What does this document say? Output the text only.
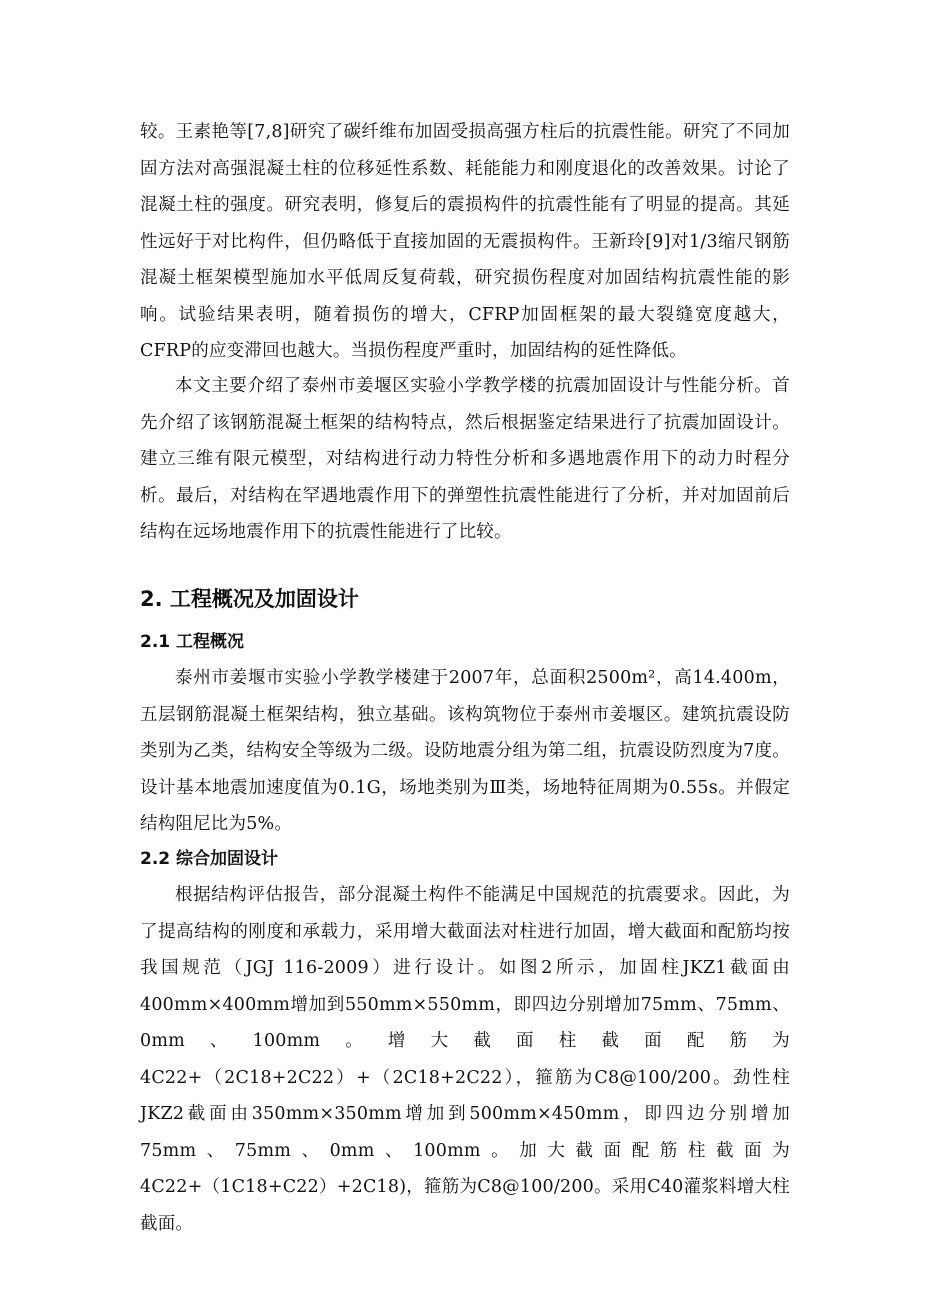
较。王素艳等[7,8]研究了碳纤维布加固受损高强方柱后的抗震性能。研究了不同加固方法对高强混凝土柱的位移延性系数、耗能能力和刚度退化的改善效果。讨论了混凝土柱的强度。研究表明，修复后的震损构件的抗震性能有了明显的提高。其延性远好于对比构件，但仍略低于直接加固的无震损构件。王新玲[9]对1/3缩尺钢筋混凝土框架模型施加水平低周反复荷载，研究损伤程度对加固结构抗震性能的影响。试验结果表明，随着损伤的增大，CFRP加固框架的最大裂缝宽度越大，CFRP的应变滞回也越大。当损伤程度严重时，加固结构的延性降低。

本文主要介绍了泰州市姜堰区实验小学教学楼的抗震加固设计与性能分析。首先介绍了该钢筋混凝土框架的结构特点，然后根据鉴定结果进行了抗震加固设计。建立三维有限元模型，对结构进行动力特性分析和多遇地震作用下的动力时程分析。最后，对结构在罕遇地震作用下的弹塑性抗震性能进行了分析，并对加固前后结构在远场地震作用下的抗震性能进行了比较。

2. 工程概况及加固设计
2.1 工程概况

泰州市姜堰市实验小学教学楼建于2007年，总面积2500m²，高14.400m，五层钢筋混凝土框架结构，独立基础。该构筑物位于泰州市姜堰区。建筑抗震设防类别为乙类，结构安全等级为二级。设防地震分组为第二组，抗震设防烈度为7度。设计基本地震加速度值为0.1G，场地类别为Ⅲ类，场地特征周期为0.55s。并假定结构阻尼比为5%。

2.2 综合加固设计

根据结构评估报告，部分混凝土构件不能满足中国规范的抗震要求。因此，为了提高结构的刚度和承载力，采用增大截面法对柱进行加固，增大截面和配筋均按我国规范（JGJ 116-2009）进行设计。如图2所示，加固柱JKZ1截面由400mm×400mm增加到550mm×550mm，即四边分别增加75mm、75mm、0mm、100mm。增大截面柱截面配筋为4C22+（2C18+2C22）+（2C18+2C22），箍筋为C8@100/200。劲性柱JKZ2截面由350mm×350mm增加到500mm×450mm，即四边分别增加75mm、75mm、0mm、100mm。加大截面配筋柱截面为4C22+（1C18+C22）+2C18)，箍筋为C8@100/200。采用C40灌浆料增大柱截面。
